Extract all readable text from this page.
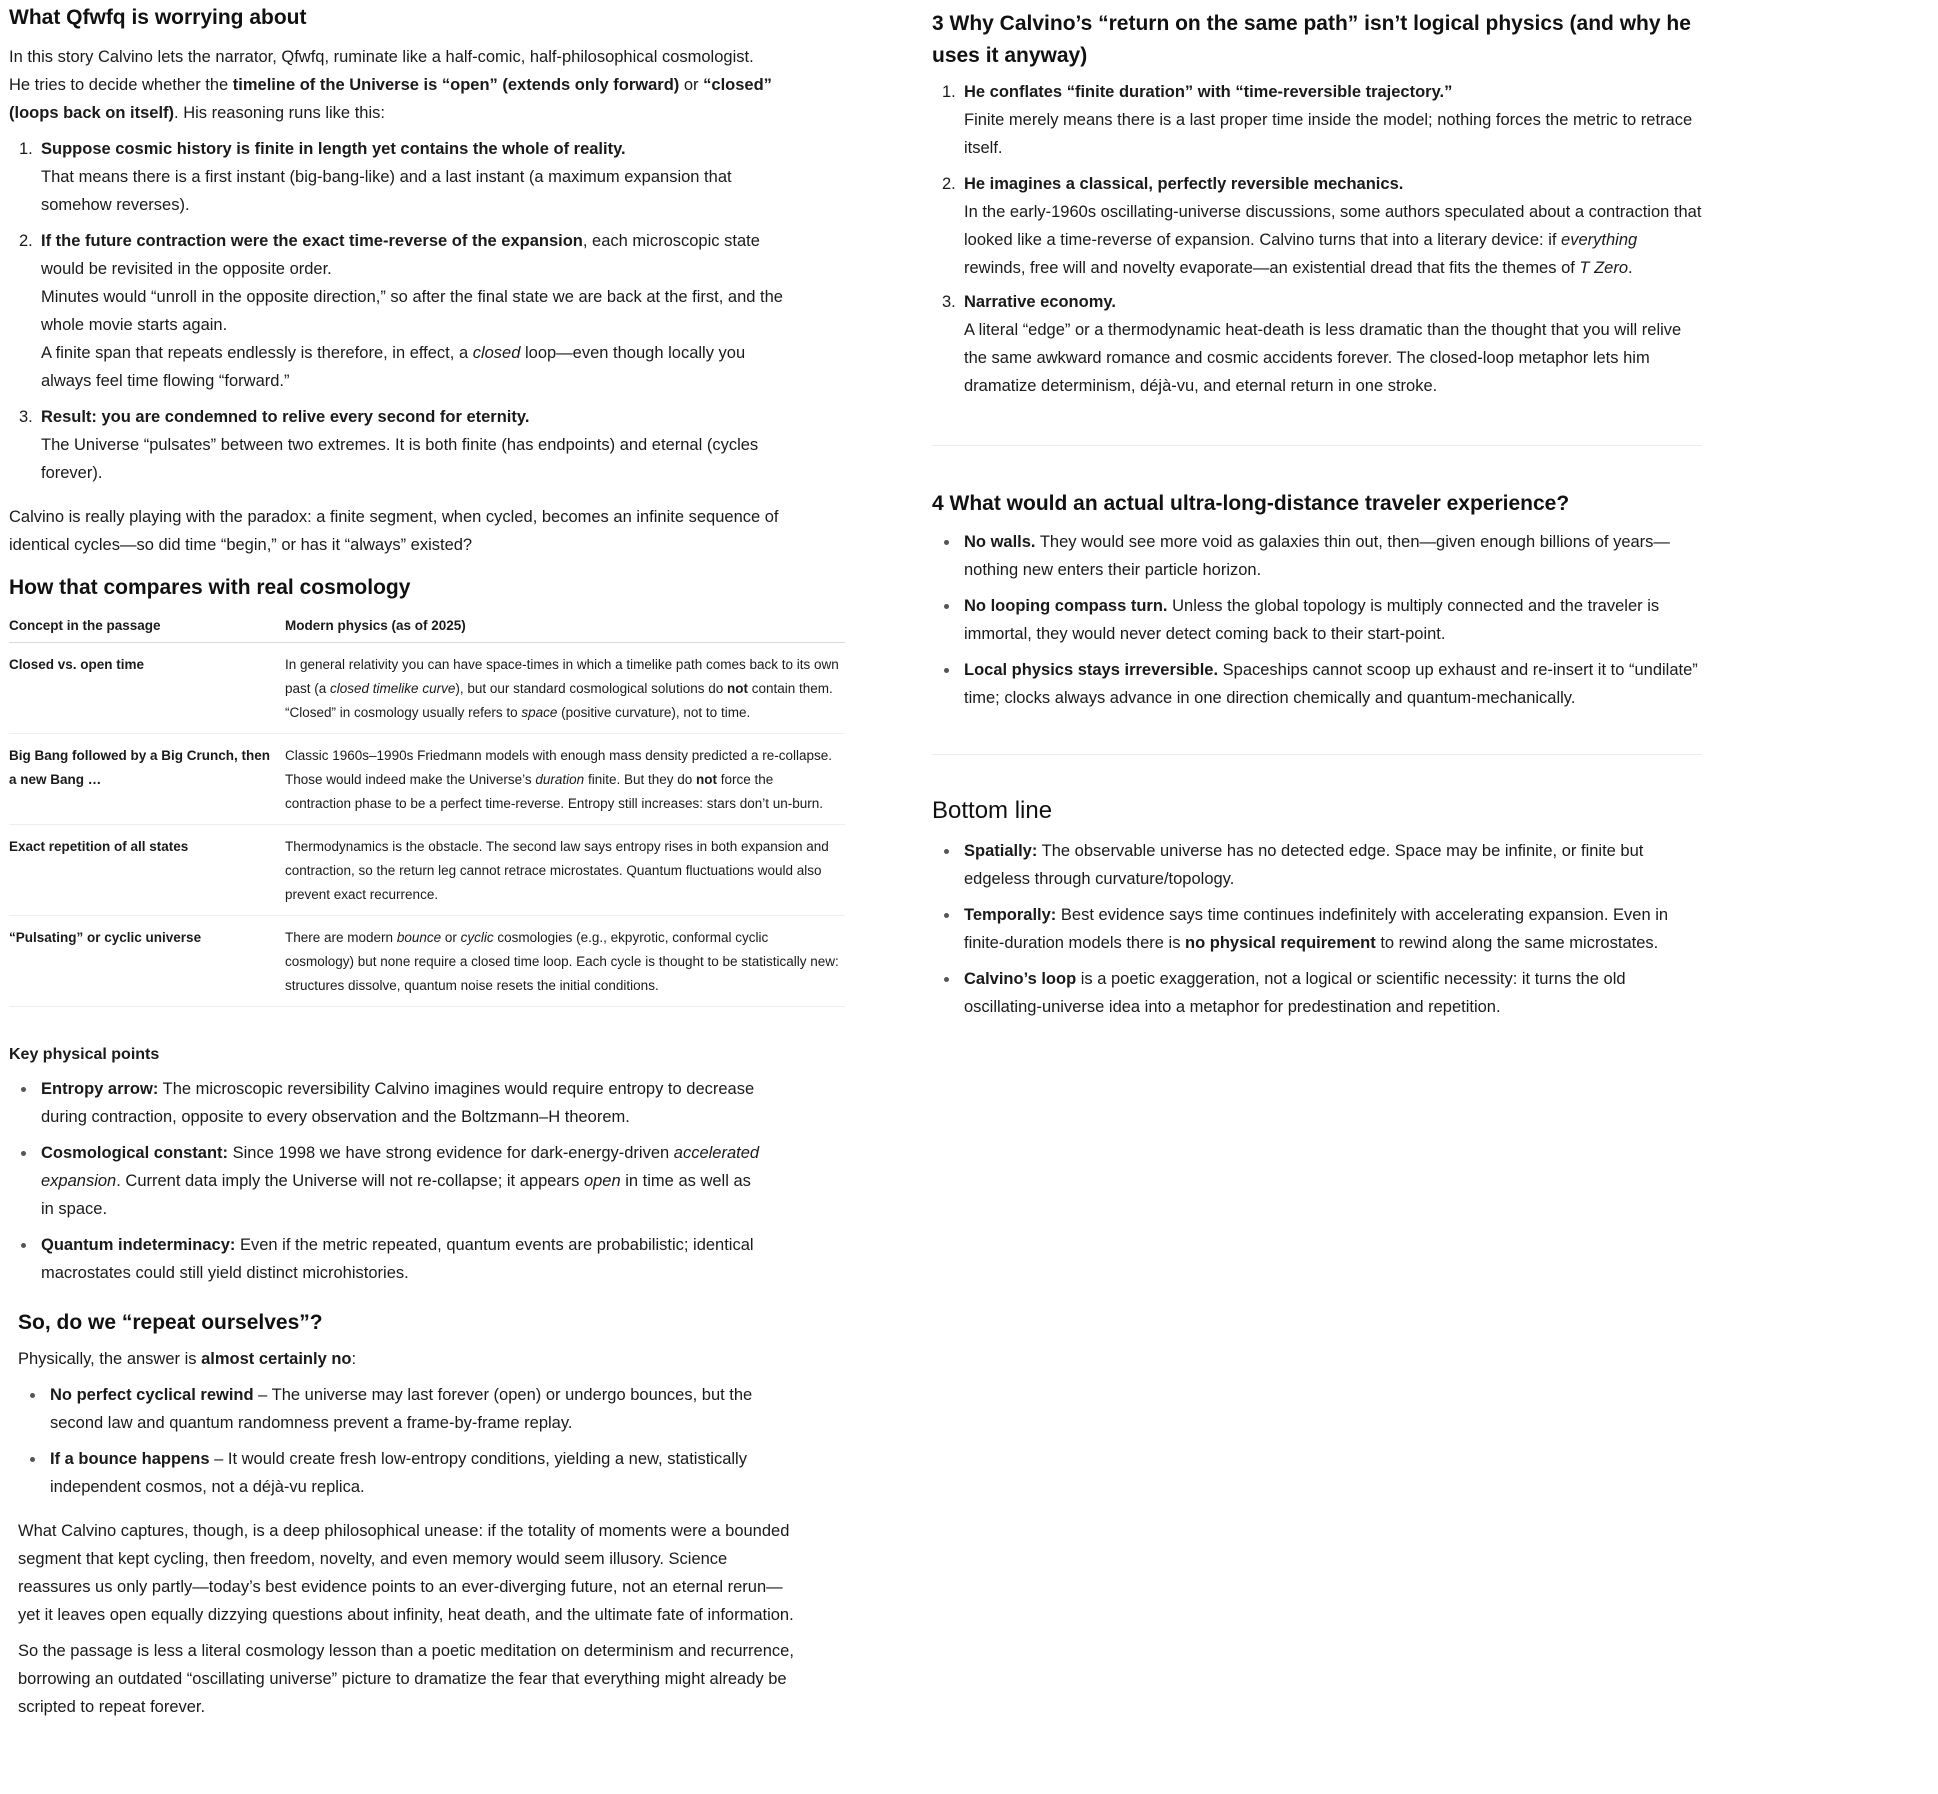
What Qfwfq is worrying about

In this story Calvino lets the narrator, Qfwfq, ruminate like a half-comic, half-philosophical cosmologist.

He tries to decide whether the timeline of the Universe is “open” (extends only forward) or “closed” (loops back on itself). His reasoning runs like this:

1. Suppose cosmic history is finite in length yet contains the whole of reality.
That means there is a first instant (big-bang-like) and a last instant (a maximum expansion that somehow reverses).
2. If the future contraction were the exact time-reverse of the expansion, each microscopic state would be revisited in the opposite order.
Minutes would “unroll in the opposite direction,” so after the final state we are back at the first, and the whole movie starts again.
A finite span that repeats endlessly is therefore, in effect, a closed loop—even though locally you always feel time flowing “forward.”
3. Result: you are condemned to relive every second for eternity.
The Universe “pulsates” between two extremes. It is both finite (has endpoints) and eternal (cycles forever).

Calvino is really playing with the paradox: a finite segment, when cycled, becomes an infinite sequence of identical cycles—so did time “begin,” or has it “always” existed?

How that compares with real cosmology
Concept in the passage	Modern physics (as of 2025)
Closed vs. open time	In general relativity you can have space-times in which a timelike path comes back to its own past (a closed timelike curve), but our standard cosmological solutions do not contain them. “Closed” in cosmology usually refers to space (positive curvature), not to time.
Big Bang followed by a Big Crunch, then a new Bang …	Classic 1960s–1990s Friedmann models with enough mass density predicted a re-collapse. Those would indeed make the Universe’s duration finite. But they do not force the contraction phase to be a perfect time-reverse. Entropy still increases: stars don’t un-burn.
Exact repetition of all states	Thermodynamics is the obstacle. The second law says entropy rises in both expansion and contraction, so the return leg cannot retrace microstates. Quantum fluctuations would also prevent exact recurrence.
“Pulsating” or cyclic universe	There are modern bounce or cyclic cosmologies (e.g., ekpyrotic, conformal cyclic cosmology) but none require a closed time loop. Each cycle is thought to be statistically new: structures dissolve, quantum noise resets the initial conditions.
Key physical points
Entropy arrow: The microscopic reversibility Calvino imagines would require entropy to decrease during contraction, opposite to every observation and the Boltzmann–H theorem.
Cosmological constant: Since 1998 we have strong evidence for dark-energy-driven accelerated expansion. Current data imply the Universe will not re-collapse; it appears open in time as well as in space.
Quantum indeterminacy: Even if the metric repeated, quantum events are probabilistic; identical macrostates could still yield distinct microhistories.
So, do we “repeat ourselves”?

Physically, the answer is almost certainly no:

No perfect cyclical rewind – The universe may last forever (open) or undergo bounces, but the second law and quantum randomness prevent a frame-by-frame replay.
If a bounce happens – It would create fresh low-entropy conditions, yielding a new, statistically independent cosmos, not a déjà-vu replica.

What Calvino captures, though, is a deep philosophical unease: if the totality of moments were a bounded segment that kept cycling, then freedom, novelty, and even memory would seem illusory. Science reassures us only partly—today’s best evidence points to an ever-diverging future, not an eternal rerun—yet it leaves open equally dizzying questions about infinity, heat death, and the ultimate fate of information.

So the passage is less a literal cosmology lesson than a poetic meditation on determinism and recurrence, borrowing an outdated “oscillating universe” picture to dramatize the fear that everything might already be scripted to repeat forever.

3 Why Calvino’s “return on the same path” isn’t logical physics (and why he uses it anyway)
1. He conflates “finite duration” with “time-reversible trajectory.”
Finite merely means there is a last proper time inside the model; nothing forces the metric to retrace itself.
2. He imagines a classical, perfectly reversible mechanics.
In the early-1960s oscillating-universe discussions, some authors speculated about a contraction that looked like a time-reverse of expansion. Calvino turns that into a literary device: if everything rewinds, free will and novelty evaporate—an existential dread that fits the themes of T Zero.
3. Narrative economy.
A literal “edge” or a thermodynamic heat-death is less dramatic than the thought that you will relive the same awkward romance and cosmic accidents forever. The closed-loop metaphor lets him dramatize determinism, déjà-vu, and eternal return in one stroke.
4 What would an actual ultra-long-distance traveler experience?
No walls. They would see more void as galaxies thin out, then—given enough billions of years—nothing new enters their particle horizon.
No looping compass turn. Unless the global topology is multiply connected and the traveler is immortal, they would never detect coming back to their start-point.
Local physics stays irreversible. Spaceships cannot scoop up exhaust and re-insert it to “undilate” time; clocks always advance in one direction chemically and quantum-mechanically.
Bottom line
Spatially: The observable universe has no detected edge. Space may be infinite, or finite but edgeless through curvature/topology.
Temporally: Best evidence says time continues indefinitely with accelerating expansion. Even in finite-duration models there is no physical requirement to rewind along the same microstates.
Calvino’s loop is a poetic exaggeration, not a logical or scientific necessity: it turns the old oscillating-universe idea into a metaphor for predestination and repetition.
